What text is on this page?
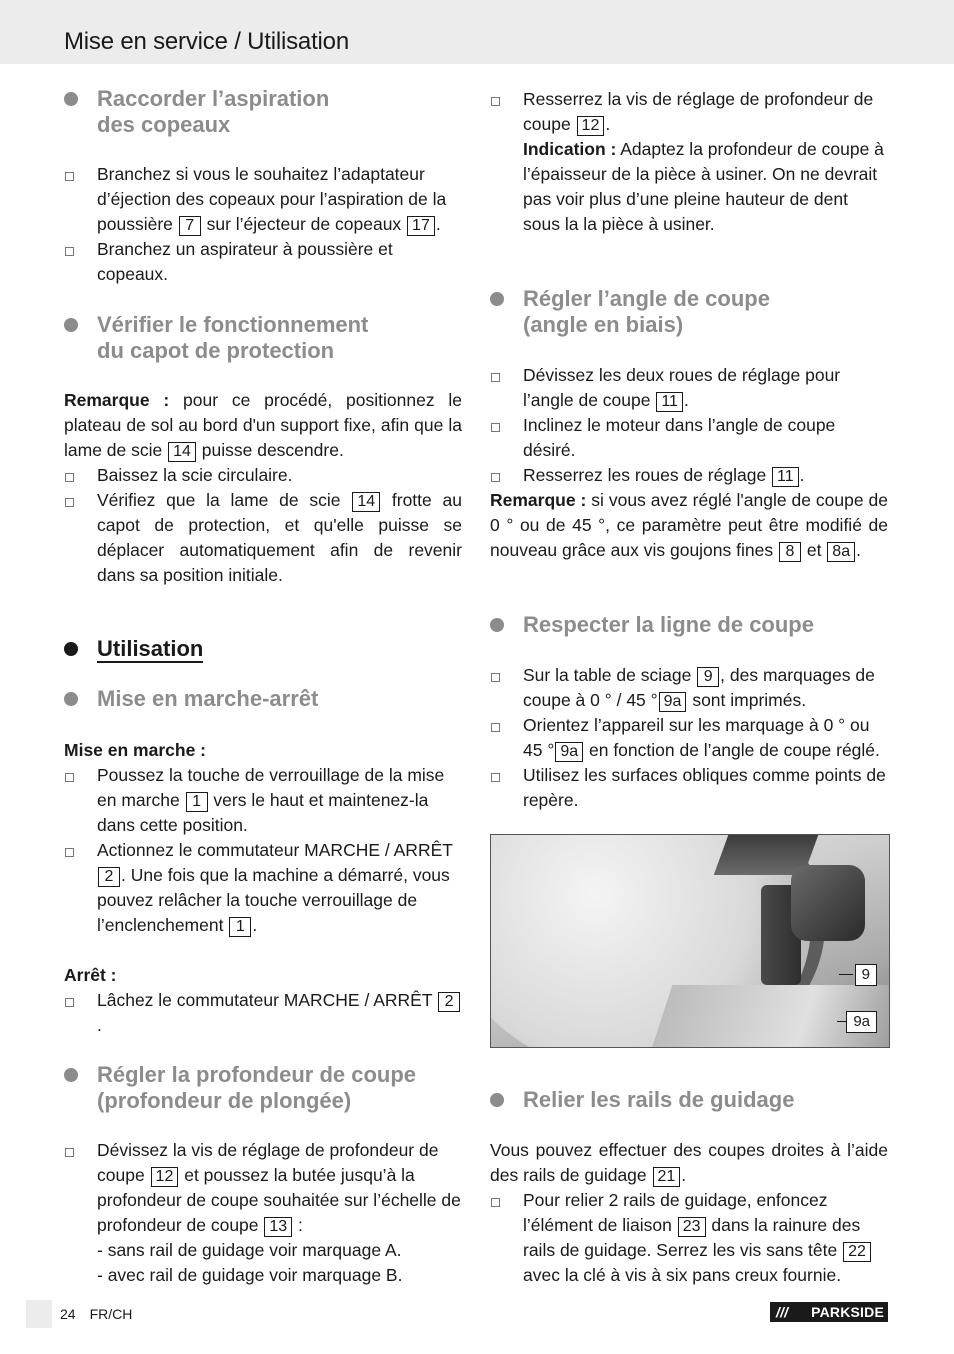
Mise en service / Utilisation
Raccorder l’aspiration
des copeaux
Branchez si vous le souhaitez l’adaptateur d’éjection des copeaux pour l’aspiration de la poussière 7 sur l’éjecteur de copeaux 17 .
Branchez un aspirateur à poussière et copeaux.
Vérifier le fonctionnement
du capot de protection
Remarque : pour ce procédé, positionnez le plateau de sol au bord d'un support fixe, afin que la lame de scie 14 puisse descendre.
Baissez la scie circulaire.
Vérifiez que la lame de scie 14 frotte au capot de protection, et qu'elle puisse se déplacer automatiquement afin de revenir dans sa position initiale.
Utilisation
Mise en marche-arrêt
Mise en marche :
Poussez la touche de verrouillage de la mise en marche 1 vers le haut et maintenez-la dans cette position.
Actionnez le commutateur MARCHE / ARRÊT 2 . Une fois que la machine a démarré, vous pouvez relâcher la touche verrouillage de l’enclenchement 1 .
Arrêt :
Lâchez le commutateur MARCHE / ARRÊT 2.
Régler la profondeur de coupe
(profondeur de plongée)
Dévissez la vis de réglage de profondeur de coupe 12 et poussez la butée jusqu’à la profondeur de coupe souhaitée sur l’échelle de profondeur de coupe 13 :
- sans rail de guidage voir marquage A.
- avec rail de guidage voir marquage B.
Resserrez la vis de réglage de profondeur de coupe 12 .
Indication : Adaptez la profondeur de coupe à l’épaisseur de la pièce à usiner. On ne devrait pas voir plus d’une pleine hauteur de dent sous la la pièce à usiner.
Régler l’angle de coupe
(angle en biais)
Dévissez les deux roues de réglage pour l’angle de coupe 11 .
Inclinez le moteur dans l’angle de coupe désiré.
Resserrez les roues de réglage 11 .
Remarque : si vous avez réglé l'angle de coupe de 0 ° ou de 45 °, ce paramètre peut être modifié de nouveau grâce aux vis goujons fines 8 et 8a .
Respecter la ligne de coupe
Sur la table de sciage 9 , des marquages de coupe à 0 ° / 45 ° 9a sont imprimés.
Orientez l’appareil sur les marquage à 0 ° ou 45 ° 9a en fonction de l’angle de coupe réglé.
Utilisez les surfaces obliques comme points de repère.
9
9a
Relier les rails de guidage
Vous pouvez effectuer des coupes droites à l’aide des rails de guidage 21 .
Pour relier 2 rails de guidage, enfoncez l’élément de liaison 23 dans la rainure des rails de guidage. Serrez les vis sans tête 22 avec la clé à vis à six pans creux fournie.
24 FR/CH	/// PARKSIDE
